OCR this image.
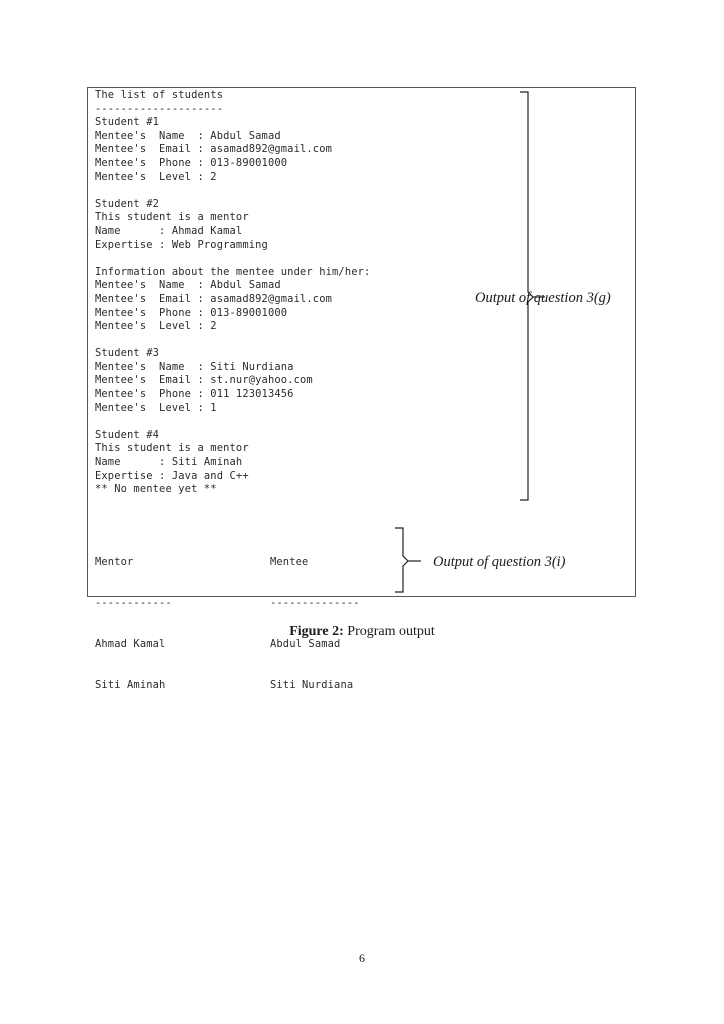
The list of students
--------------------
Student #1
Mentee's  Name  : Abdul Samad
Mentee's  Email : asamad892@gmail.com
Mentee's  Phone : 013-89001000
Mentee's  Level : 2

Student #2
This student is a mentor
Name      : Ahmad Kamal
Expertise : Web Programming

Information about the mentee under him/her:
Mentee's  Name  : Abdul Samad
Mentee's  Email : asamad892@gmail.com
Mentee's  Phone : 013-89001000
Mentee's  Level : 2

Student #3
Mentee's  Name  : Siti Nurdiana
Mentee's  Email : st.nur@yahoo.com
Mentee's  Phone : 011 123013456
Mentee's  Level : 1

Student #4
This student is a mentor
Name      : Siti Aminah
Expertise : Java and C++
** No mentee yet **

Output of question 3(g)

Mentor	Mentee

------------	--------------

Ahmad Kamal	Abdul Samad

Siti Aminah	Siti Nurdiana

Output of question 3(i)
Figure 2: Program output
6
